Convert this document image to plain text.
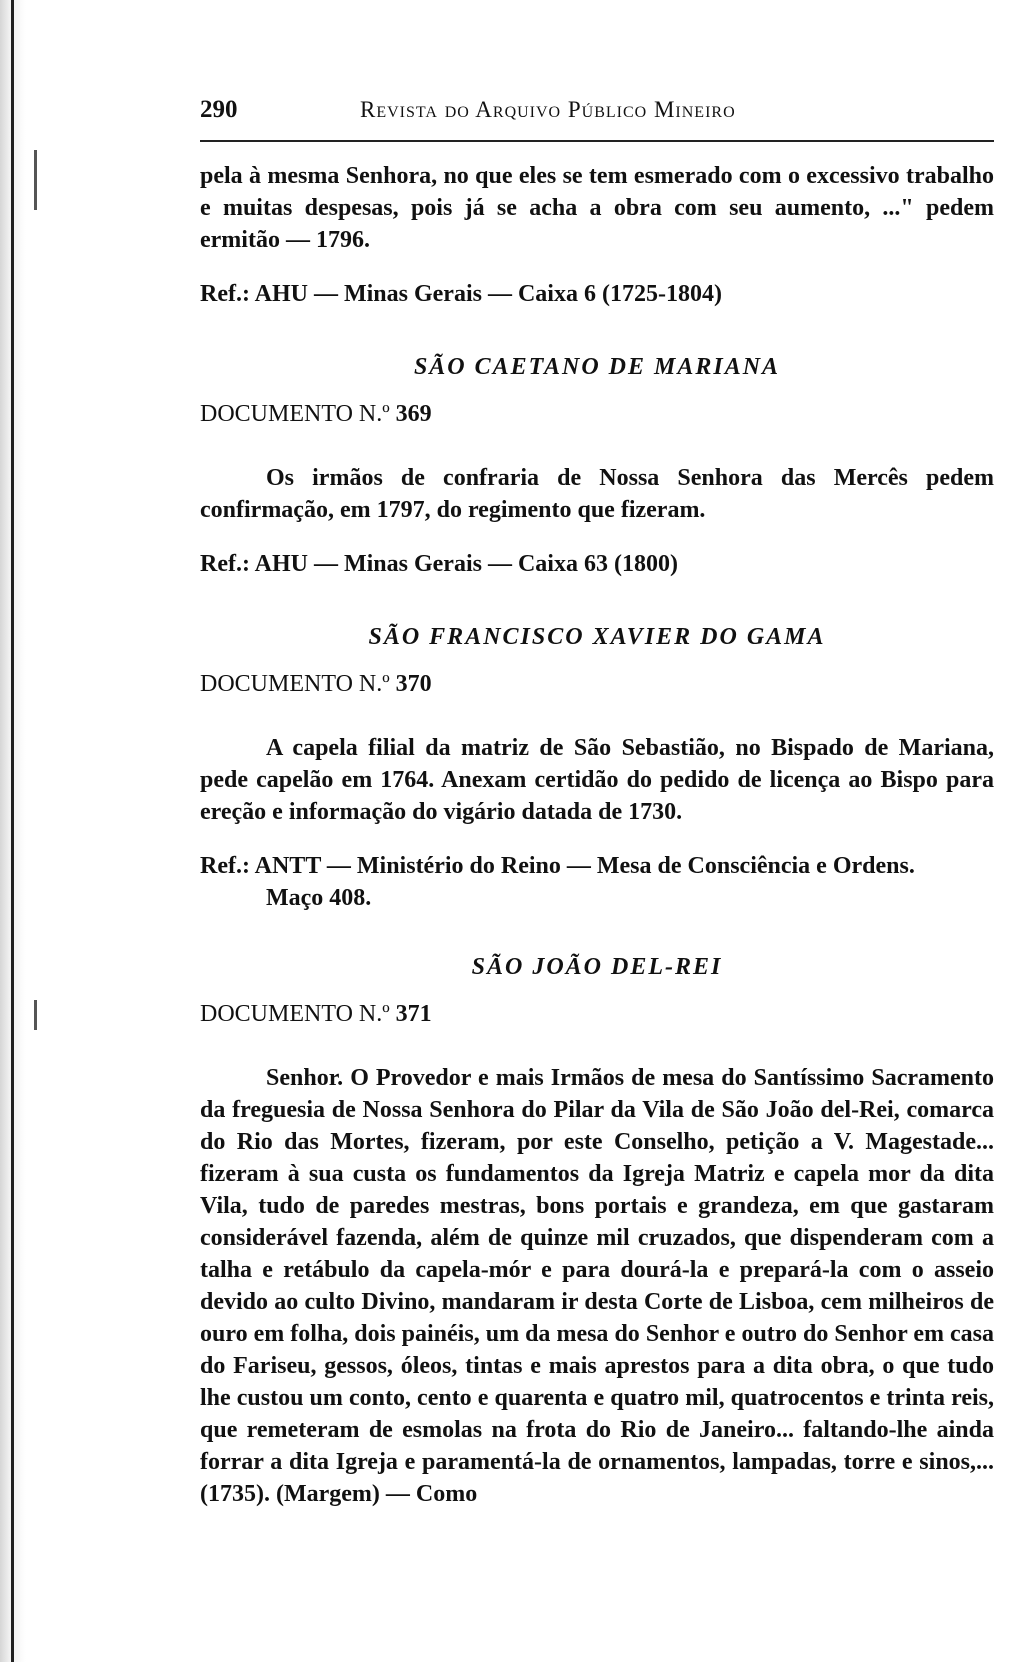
290	Revista do Arquivo Público Mineiro

pela à mesma Senhora, no que eles se tem esmerado com o excessivo trabalho e muitas despesas, pois já se acha a obra com seu aumento, ..." pedem ermitão — 1796.

Ref.: AHU — Minas Gerais — Caixa 6 (1725-1804)
SÃO CAETANO DE MARIANA
DOCUMENTO N.º 369

Os irmãos de confraria de Nossa Senhora das Mercês pedem confirmação, em 1797, do regimento que fizeram.

Ref.: AHU — Minas Gerais — Caixa 63 (1800)
SÃO FRANCISCO XAVIER DO GAMA
DOCUMENTO N.º 370

A capela filial da matriz de São Sebastião, no Bispado de Mariana, pede capelão em 1764. Anexam certidão do pedido de licença ao Bispo para ereção e informação do vigário datada de 1730.

Ref.: ANTT — Ministério do Reino — Mesa de Consciência e Ordens.
Maço 408.
SÃO JOÃO DEL-REI
DOCUMENTO N.º 371

Senhor. O Provedor e mais Irmãos de mesa do Santíssimo Sacramento da freguesia de Nossa Senhora do Pilar da Vila de São João del-Rei, comarca do Rio das Mortes, fizeram, por este Conselho, petição a V. Magestade... fizeram à sua custa os fundamentos da Igreja Matriz e capela mor da dita Vila, tudo de paredes mestras, bons portais e grandeza, em que gastaram considerável fazenda, além de quinze mil cruzados, que dispenderam com a talha e retábulo da capela-mór e para dourá-la e prepará-la com o asseio devido ao culto Divino, mandaram ir desta Corte de Lisboa, cem milheiros de ouro em folha, dois painéis, um da mesa do Senhor e outro do Senhor em casa do Fariseu, gessos, óleos, tintas e mais aprestos para a dita obra, o que tudo lhe custou um conto, cento e quarenta e quatro mil, quatrocentos e trinta reis, que remeteram de esmolas na frota do Rio de Janeiro... faltando-lhe ainda forrar a dita Igreja e paramentá-la de ornamentos, lampadas, torre e sinos,... (1735). (Margem) — Como
